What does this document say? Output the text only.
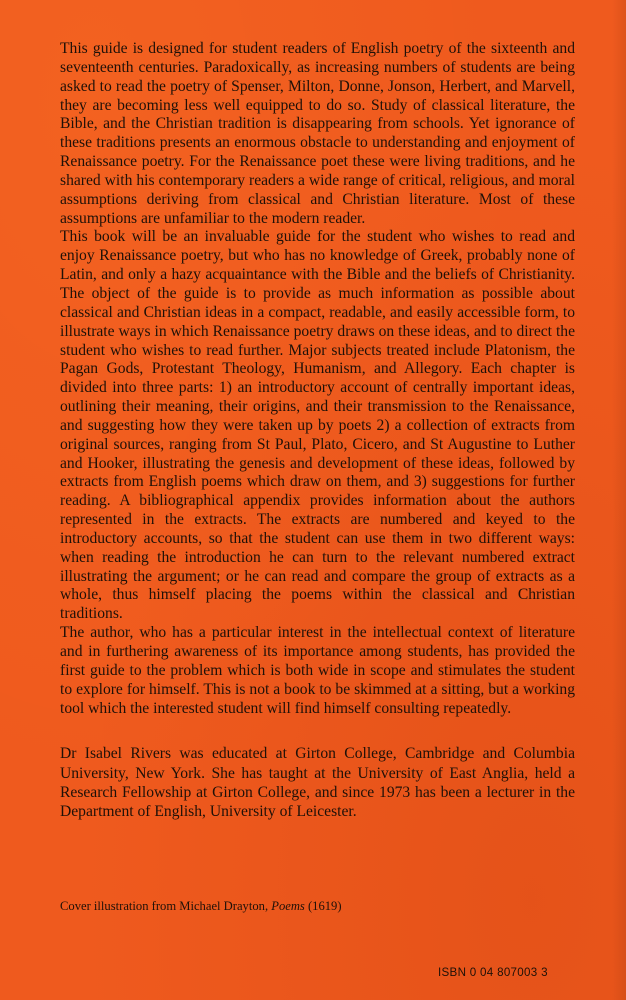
This guide is designed for student readers of English poetry of the sixteenth and seventeenth centuries. Paradoxically, as increasing numbers of students are being asked to read the poetry of Spenser, Milton, Donne, Jonson, Herbert, and Marvell, they are becoming less well equipped to do so. Study of classical literature, the Bible, and the Christian tradition is disappearing from schools. Yet ignorance of these traditions presents an enormous obstacle to understanding and enjoyment of Renaissance poetry. For the Renaissance poet these were living traditions, and he shared with his contemporary readers a wide range of critical, religious, and moral assumptions deriving from classical and Christian literature. Most of these assumptions are unfamiliar to the modern reader.

This book will be an invaluable guide for the student who wishes to read and enjoy Renaissance poetry, but who has no knowledge of Greek, probably none of Latin, and only a hazy acquaintance with the Bible and the beliefs of Christianity. The object of the guide is to provide as much information as possible about classical and Christian ideas in a compact, readable, and easily accessible form, to illustrate ways in which Renaissance poetry draws on these ideas, and to direct the student who wishes to read further. Major subjects treated include Platonism, the Pagan Gods, Protestant Theology, Humanism, and Allegory. Each chapter is divided into three parts: 1) an introductory account of centrally important ideas, outlining their meaning, their origins, and their transmission to the Renaissance, and suggesting how they were taken up by poets 2) a collection of extracts from original sources, ranging from St Paul, Plato, Cicero, and St Augustine to Luther and Hooker, illustrating the genesis and development of these ideas, followed by extracts from English poems which draw on them, and 3) suggestions for further reading. A bibliographical appendix provides information about the authors represented in the extracts. The extracts are numbered and keyed to the introductory accounts, so that the student can use them in two different ways: when reading the introduction he can turn to the relevant numbered extract illustrating the argument; or he can read and compare the group of extracts as a whole, thus himself placing the poems within the classical and Christian traditions.

The author, who has a particular interest in the intellectual context of literature and in furthering awareness of its importance among students, has provided the first guide to the problem which is both wide in scope and stimulates the student to explore for himself. This is not a book to be skimmed at a sitting, but a working tool which the interested student will find himself consulting repeatedly.

Dr Isabel Rivers was educated at Girton College, Cambridge and Columbia University, New York. She has taught at the University of East Anglia, held a Research Fellowship at Girton College, and since 1973 has been a lecturer in the Department of English, University of Leicester.

Cover illustration from Michael Drayton, Poems (1619)
ISBN 0 04 807003 3
